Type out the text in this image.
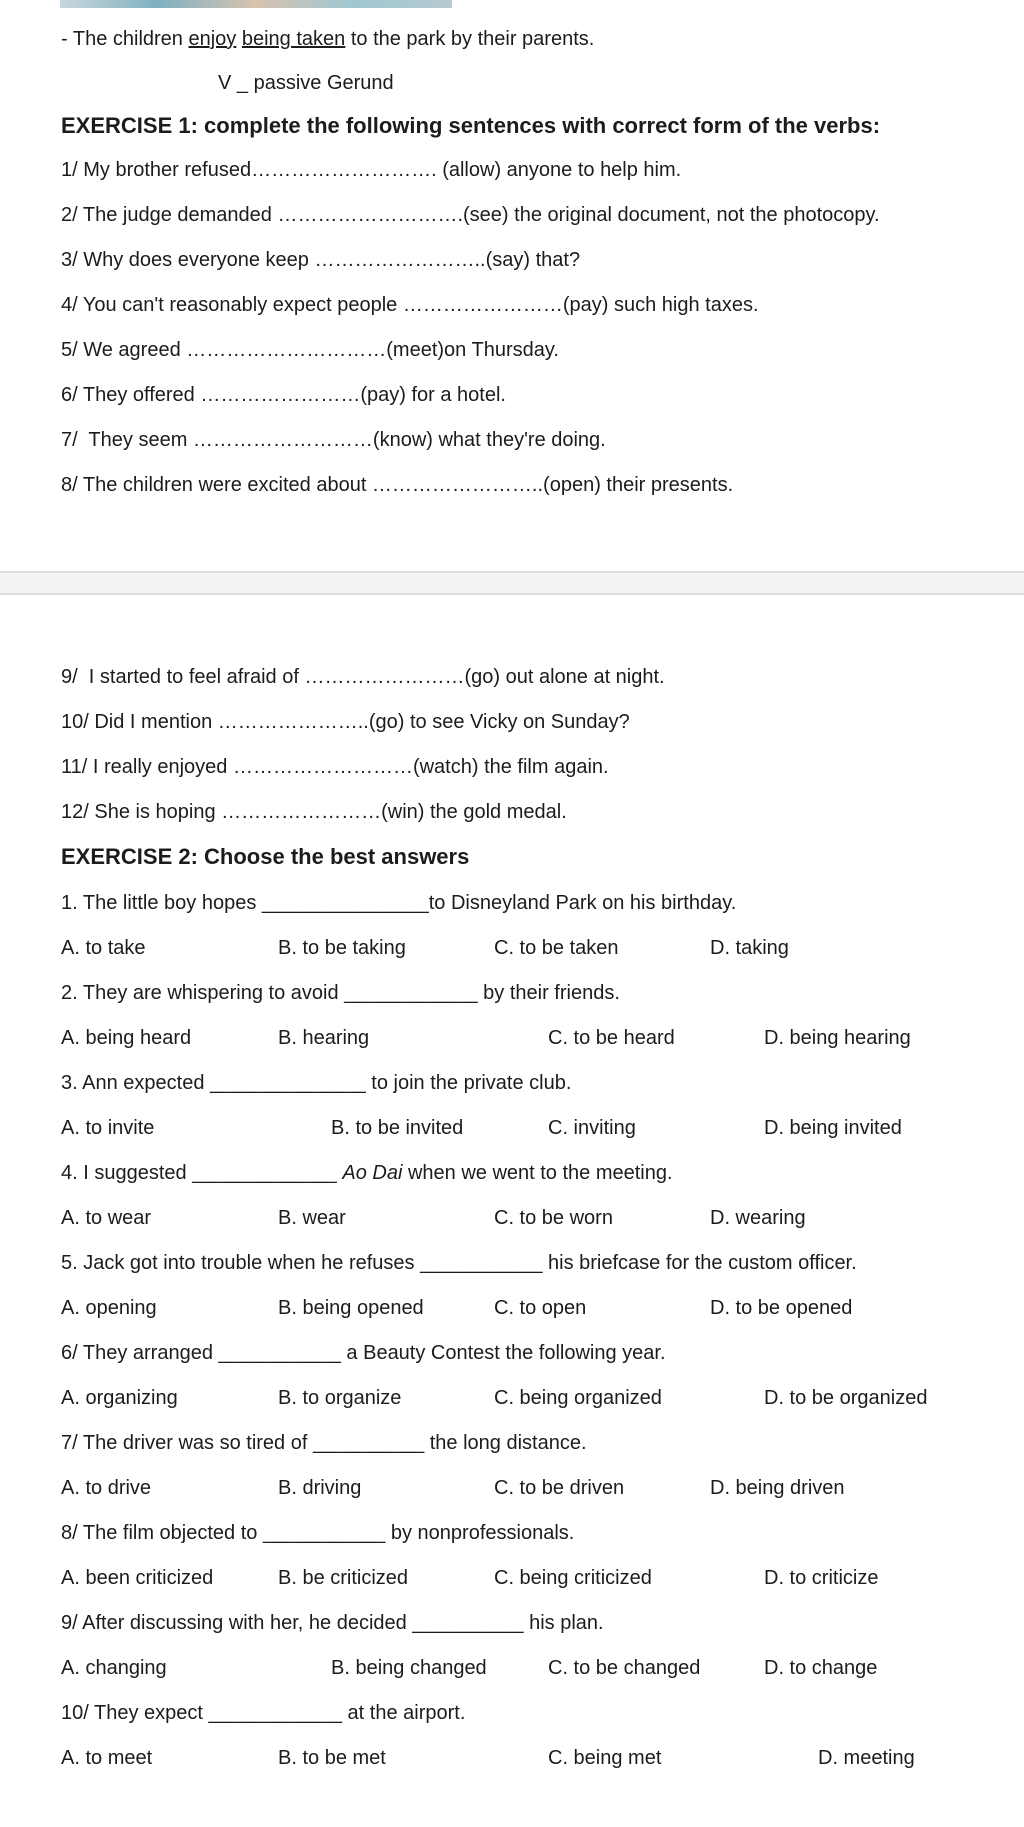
- The children enjoy being taken to the park by their parents.
V _ passive Gerund
EXERCISE 1: complete the following sentences with correct form of the verbs:
1/ My brother refused………………………. (allow) anyone to help him.
2/ The judge demanded ……………………….(see) the original document, not the photocopy.
3/ Why does everyone keep ……………………..(say) that?
4/ You can't reasonably expect people ……………………(pay) such high taxes.
5/ We agreed …………………………(meet)on Thursday.
6/ They offered ……………………(pay) for a hotel.
7/  They seem ………………………(know) what they're doing.
8/ The children were excited about ……………………..(open) their presents.
9/  I started to feel afraid of ……………………(go) out alone at night.
10/ Did I mention …………………..(go) to see Vicky on Sunday?
11/ I really enjoyed ………………………(watch) the film again.
12/ She is hoping ……………………(win) the gold medal.
EXERCISE 2: Choose the best answers
1. The little boy hopes _______________to Disneyland Park on his birthday.
A. to take	B. to be taking	C. to be taken	D. taking
2. They are whispering to avoid ____________ by their friends.
A. being heard	B. hearing	C. to be heard	D. being hearing
3. Ann expected ______________ to join the private club.
A. to invite	B. to be invited	C. inviting	D. being invited
4. I suggested _____________ Ao Dai when we went to the meeting.
A. to wear	B. wear	C. to be worn	D. wearing
5. Jack got into trouble when he refuses ___________ his briefcase for the custom officer.
A. opening	B. being opened	C. to open	D. to be opened
6/ They arranged ___________ a Beauty Contest the following year.
A. organizing	B. to organize	C. being organized	D. to be organized
7/ The driver was so tired of __________ the long distance.
A. to drive	B. driving	C. to be driven	D. being driven
8/ The film objected to ___________ by nonprofessionals.
A. been criticized	B. be criticized	C. being criticized	D. to criticize
9/ After discussing with her, he decided __________ his plan.
A. changing	B. being changed	C. to be changed	D. to change
10/ They expect ____________ at the airport.
A. to meet	B. to be met	C. being met	D. meeting
